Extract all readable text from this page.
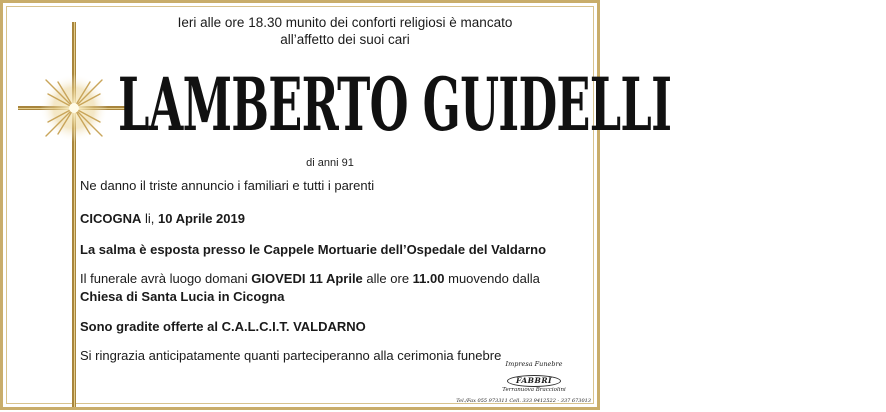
Ieri alle ore 18.30 munito dei conforti religiosi è mancato
all’affetto dei suoi cari
LAMBERTO GUIDELLI
di anni 91
Ne danno il triste annuncio i familiari e tutti i parenti
CICOGNA li, 10 Aprile 2019
La salma è esposta presso le Cappele Mortuarie dell’Ospedale del Valdarno
Il funerale avrà luogo domani GIOVEDI 11 Aprile alle ore 11.00 muovendo dalla
Chiesa di Santa Lucia in Cicogna
Sono gradite offerte al C.A.L.C.I.T. VALDARNO
Si ringrazia anticipatamente quanti parteciperanno alla cerimonia funebre
Impresa Funebre
FABBRI
Terranuova Bracciolini
Tel./Fax 055 973311 Cell. 333 9412522 - 337 673013
